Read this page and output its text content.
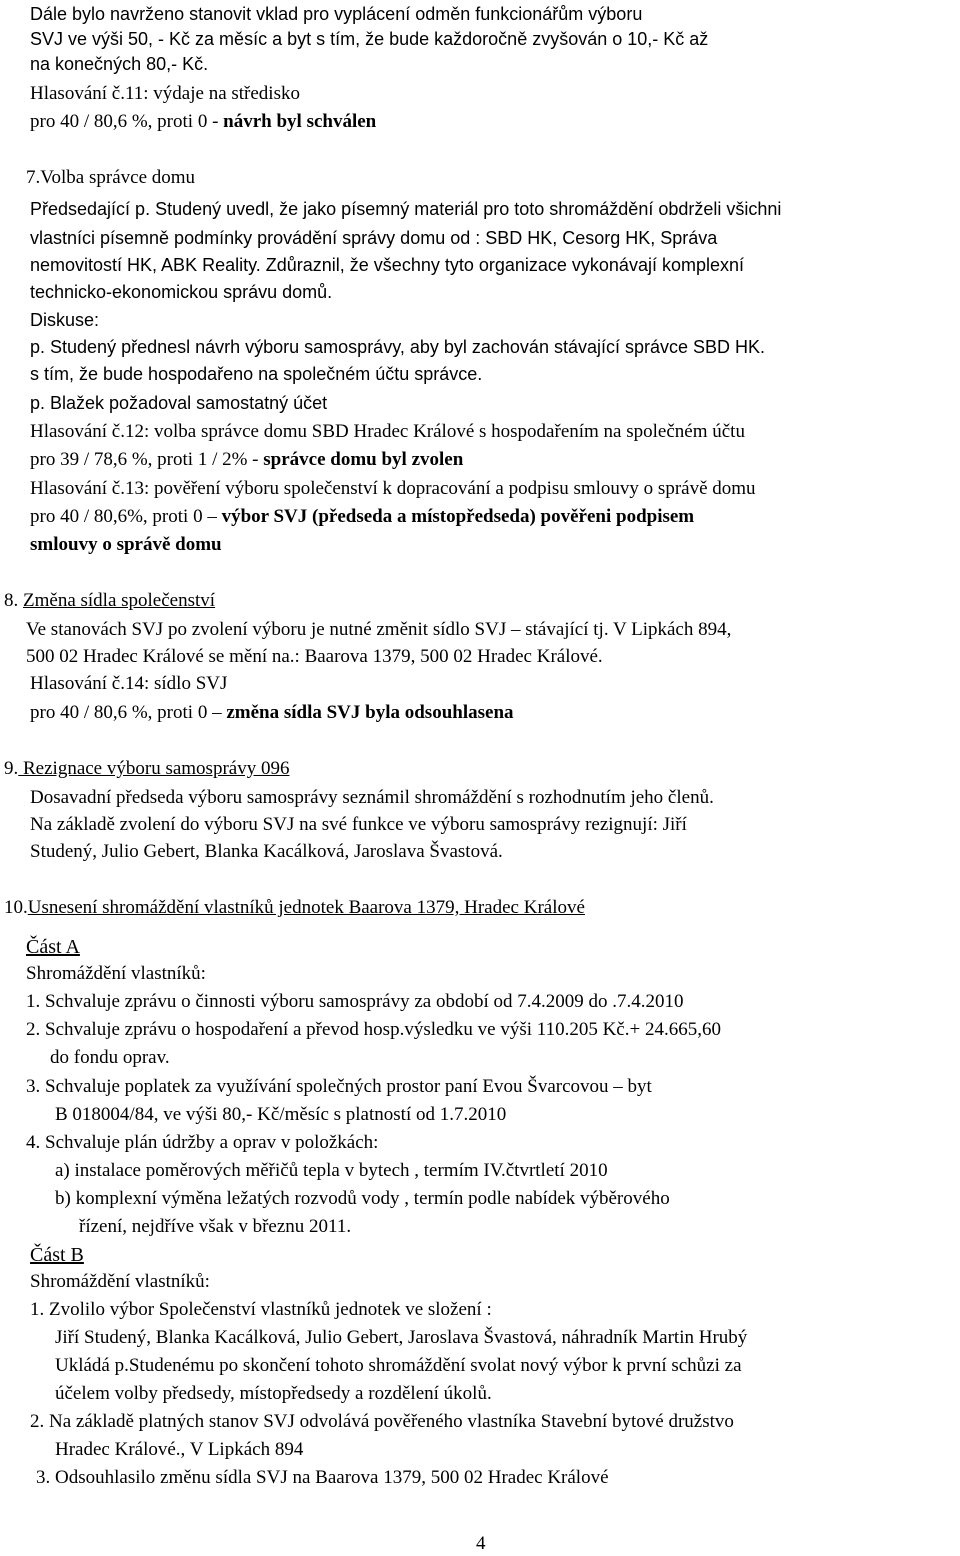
Dále bylo navrženo stanovit vklad pro vyplácení odměn funkcionářům výboru
SVJ ve výši 50, - Kč za měsíc a byt s tím, že bude každoročně zvyšován o 10,- Kč až
na konečných 80,- Kč.
Hlasování č.11: výdaje na středisko
pro 40 / 80,6 %, proti 0 - návrh byl schválen
7.Volba správce domu
Předsedající p. Studený uvedl, že jako písemný materiál pro toto shromáždění obdrželi všichni
vlastníci písemně podmínky provádění správy domu od : SBD HK, Cesorg HK, Správa
nemovitostí HK, ABK Reality. Zdůraznil, že všechny tyto organizace vykonávají komplexní
technicko-ekonomickou správu domů.
Diskuse:
p. Studený přednesl návrh výboru samosprávy, aby byl zachován stávající správce SBD HK.
s tím, že bude hospodařeno na společném účtu správce.
p. Blažek požadoval samostatný účet
Hlasování č.12: volba správce domu SBD Hradec Králové s hospodařením na společném účtu
pro 39 / 78,6 %, proti 1 / 2% - správce domu byl zvolen
Hlasování č.13: pověření výboru společenství k dopracování a podpisu smlouvy o správě domu
pro 40 / 80,6%, proti 0 – výbor SVJ (předseda a místopředseda) pověřeni podpisem
smlouvy o správě domu
8. Změna sídla společenství
Ve stanovách SVJ po zvolení výboru je nutné změnit sídlo SVJ – stávající tj. V Lipkách 894,
500 02 Hradec Králové se mění na.: Baarova 1379, 500 02 Hradec Králové.
Hlasování č.14: sídlo SVJ
pro 40 / 80,6 %, proti 0 – změna sídla SVJ byla odsouhlasena
9. Rezignace výboru samosprávy 096
Dosavadní předseda výboru samosprávy seznámil shromáždění s rozhodnutím jeho členů.
Na základě zvolení do výboru SVJ na své funkce ve výboru samosprávy rezignují: Jiří
Studený, Julio Gebert, Blanka Kacálková, Jaroslava Švastová.
10.Usnesení shromáždění vlastníků jednotek Baarova 1379, Hradec Králové
Část A
Shromáždění vlastníků:
1. Schvaluje zprávu o činnosti výboru samosprávy za období od 7.4.2009 do .7.4.2010
2. Schvaluje zprávu o hospodaření a převod hosp.výsledku ve výši 110.205 Kč.+ 24.665,60
do fondu oprav.
3. Schvaluje poplatek za využívání společných prostor paní Evou Švarcovou – byt
B 018004/84, ve výši 80,- Kč/měsíc s platností od 1.7.2010
4. Schvaluje plán údržby a oprav v položkách:
a) instalace poměrových měřičů tepla v bytech , termím IV.čtvrtletí 2010
b) komplexní výměna ležatých rozvodů vody , termín podle nabídek výběrového
řízení, nejdříve však v březnu 2011.
Část B
Shromáždění vlastníků:
1. Zvolilo výbor Společenství vlastníků jednotek ve složení :
Jiří Studený, Blanka Kacálková, Julio Gebert, Jaroslava Švastová, náhradník Martin Hrubý
Ukládá p.Studenému po skončení tohoto shromáždění svolat nový výbor k první schůzi za
účelem volby předsedy, místopředsedy a rozdělení úkolů.
2. Na základě platných stanov SVJ odvolává pověřeného vlastníka Stavební bytové družstvo
Hradec Králové., V Lipkách 894
3. Odsouhlasilo změnu sídla SVJ na Baarova 1379, 500 02 Hradec Králové
4
